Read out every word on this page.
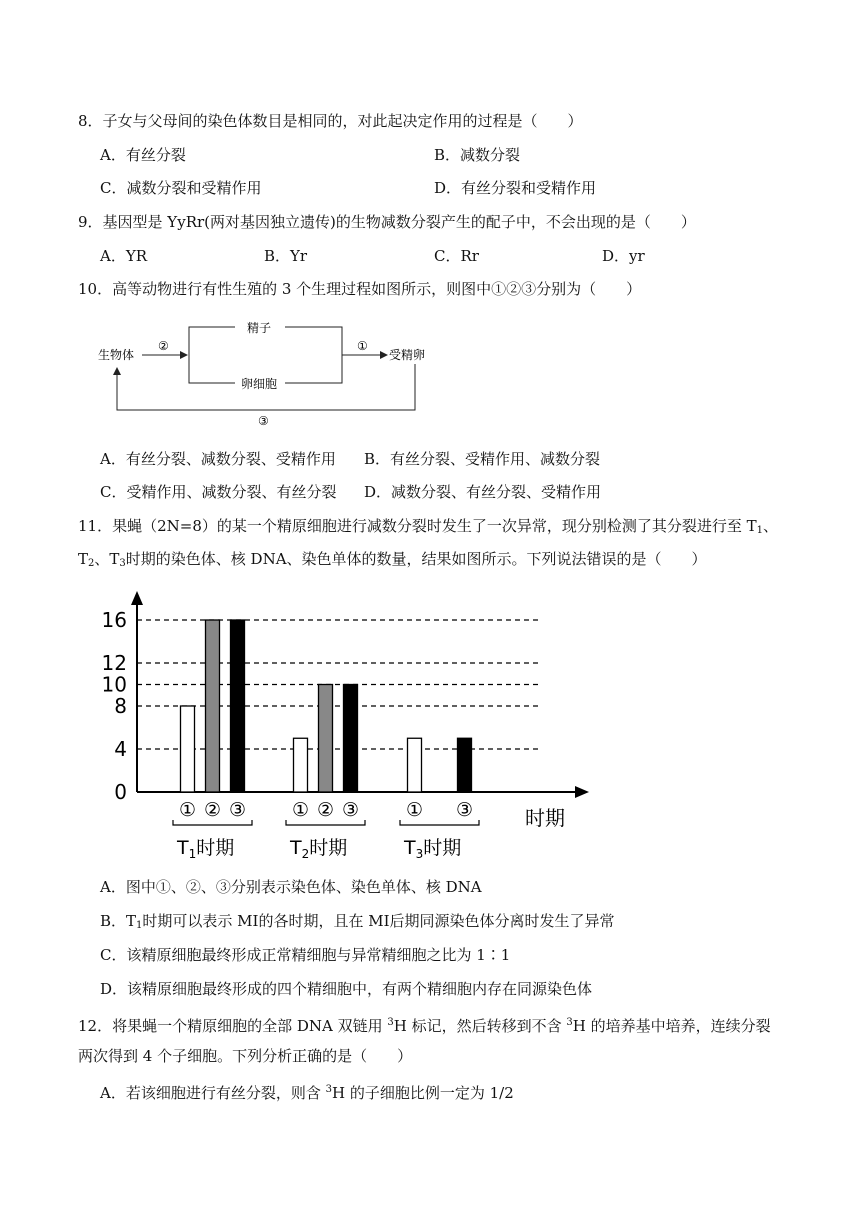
8．子女与父母间的染色体数目是相同的，对此起决定作用的过程是（　　）
A．有丝分裂	B．减数分裂
C．减数分裂和受精作用	D．有丝分裂和受精作用
9．基因型是 YyRr(两对基因独立遗传)的生物减数分裂产生的配子中，不会出现的是（　　）
A．YR	B．Yr	C．Rr	D．yr
10．高等动物进行有性生殖的 3 个生理过程如图所示，则图中①②③分别为（　　）
生物体
②
精子
卵细胞
①
受精卵
③
A．有丝分裂、减数分裂、受精作用 B．有丝分裂、受精作用、减数分裂
C．受精作用、减数分裂、有丝分裂 D．减数分裂、有丝分裂、受精作用
11．果蝇（2N=8）的某一个精原细胞进行减数分裂时发生了一次异常，现分别检测了其分裂进行至 $T_1$、
$T_2$、$T_3$时期的染色体、核 DNA、染色单体的数量，结果如图所示。下列说法错误的是（　　）
0
4
8
10
12
16
时期
① ② ③
$T_1$时期
① ② ③
$T_2$时期
① ③
$T_3$时期
A．图中①、②、③分别表示染色体、染色单体、核 DNA
B．$T_1$时期可以表示 MⅠ的各时期，且在 MⅠ后期同源染色体分离时发生了异常
C．该精原细胞最终形成正常精细胞与异常精细胞之比为 1∶1
D．该精原细胞最终形成的四个精细胞中，有两个精细胞内存在同源染色体
12．将果蝇一个精原细胞的全部 DNA 双链用 $^3$H 标记，然后转移到不含 $^3$H 的培养基中培养，连续分裂
两次得到 4 个子细胞。下列分析正确的是（　　）
A．若该细胞进行有丝分裂，则含 $^3$H 的子细胞比例一定为 1/2
